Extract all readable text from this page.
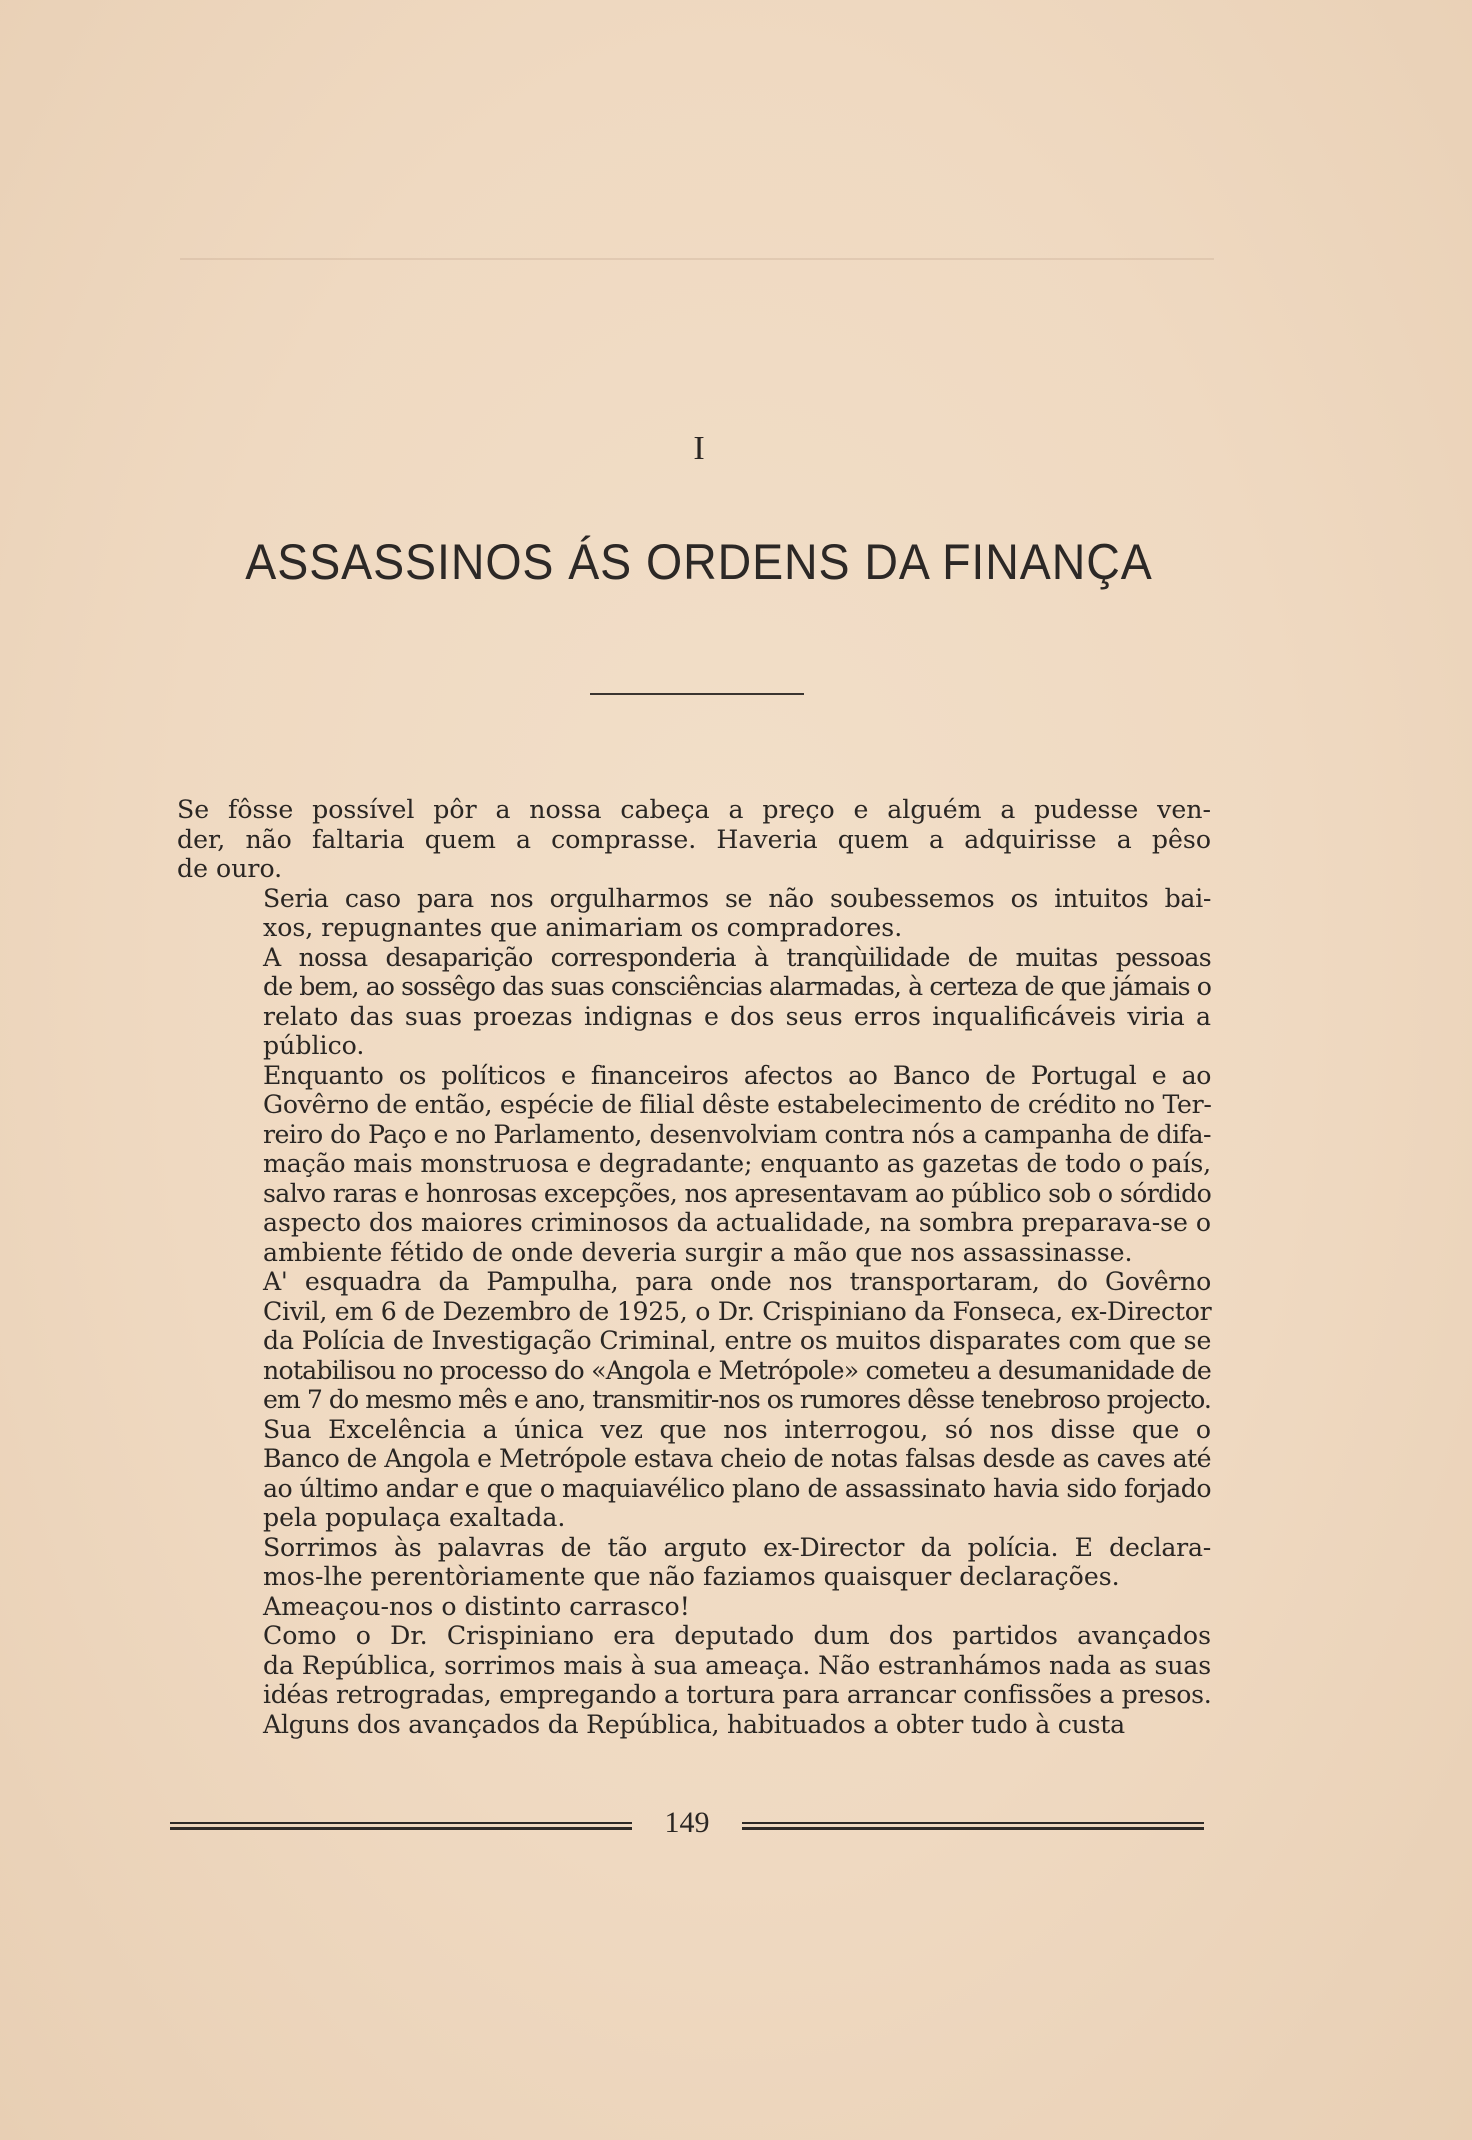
I
ASSASSINOS ÁS ORDENS DA FINANÇA
Se fôsse possível pôr a nossa cabeça a preço e alguém a pudesse ven-
der, não faltaria quem a comprasse. Haveria quem a adquirisse a pêso
de ouro.
Seria caso para nos orgulharmos se não soubessemos os intuitos bai-
xos, repugnantes que animariam os compradores.
A nossa desaparição corresponderia à tranqùilidade de muitas pessoas
de bem, ao sossêgo das suas consciências alarmadas, à certeza de que jámais o
relato das suas proezas indignas e dos seus erros inqualificáveis viria a
público.
Enquanto os políticos e financeiros afectos ao Banco de Portugal e ao
Govêrno de então, espécie de filial dêste estabelecimento de crédito no Ter-
reiro do Paço e no Parlamento, desenvolviam contra nós a campanha de difa-
mação mais monstruosa e degradante; enquanto as gazetas de todo o país,
salvo raras e honrosas excepções, nos apresentavam ao público sob o sórdido
aspecto dos maiores criminosos da actualidade, na sombra preparava-se o
ambiente fétido de onde deveria surgir a mão que nos assassinasse.
A' esquadra da Pampulha, para onde nos transportaram, do Govêrno
Civil, em 6 de Dezembro de 1925, o Dr. Crispiniano da Fonseca, ex-Director
da Polícia de Investigação Criminal, entre os muitos disparates com que se
notabilisou no processo do «Angola e Metrópole» cometeu a desumanidade de
em 7 do mesmo mês e ano, transmitir-nos os rumores dêsse tenebroso projecto.
Sua Excelência a única vez que nos interrogou, só nos disse que o
Banco de Angola e Metrópole estava cheio de notas falsas desde as caves até
ao último andar e que o maquiavélico plano de assassinato havia sido forjado
pela populaça exaltada.
Sorrimos às palavras de tão arguto ex-Director da polícia. E declara-
mos-lhe perentòriamente que não faziamos quaisquer declarações.
Ameaçou-nos o distinto carrasco!
Como o Dr. Crispiniano era deputado dum dos partidos avançados
da República, sorrimos mais à sua ameaça. Não estranhámos nada as suas
idéas retrogradas, empregando a tortura para arrancar confissões a presos.
Alguns dos avançados da República, habituados a obter tudo à custa
149
